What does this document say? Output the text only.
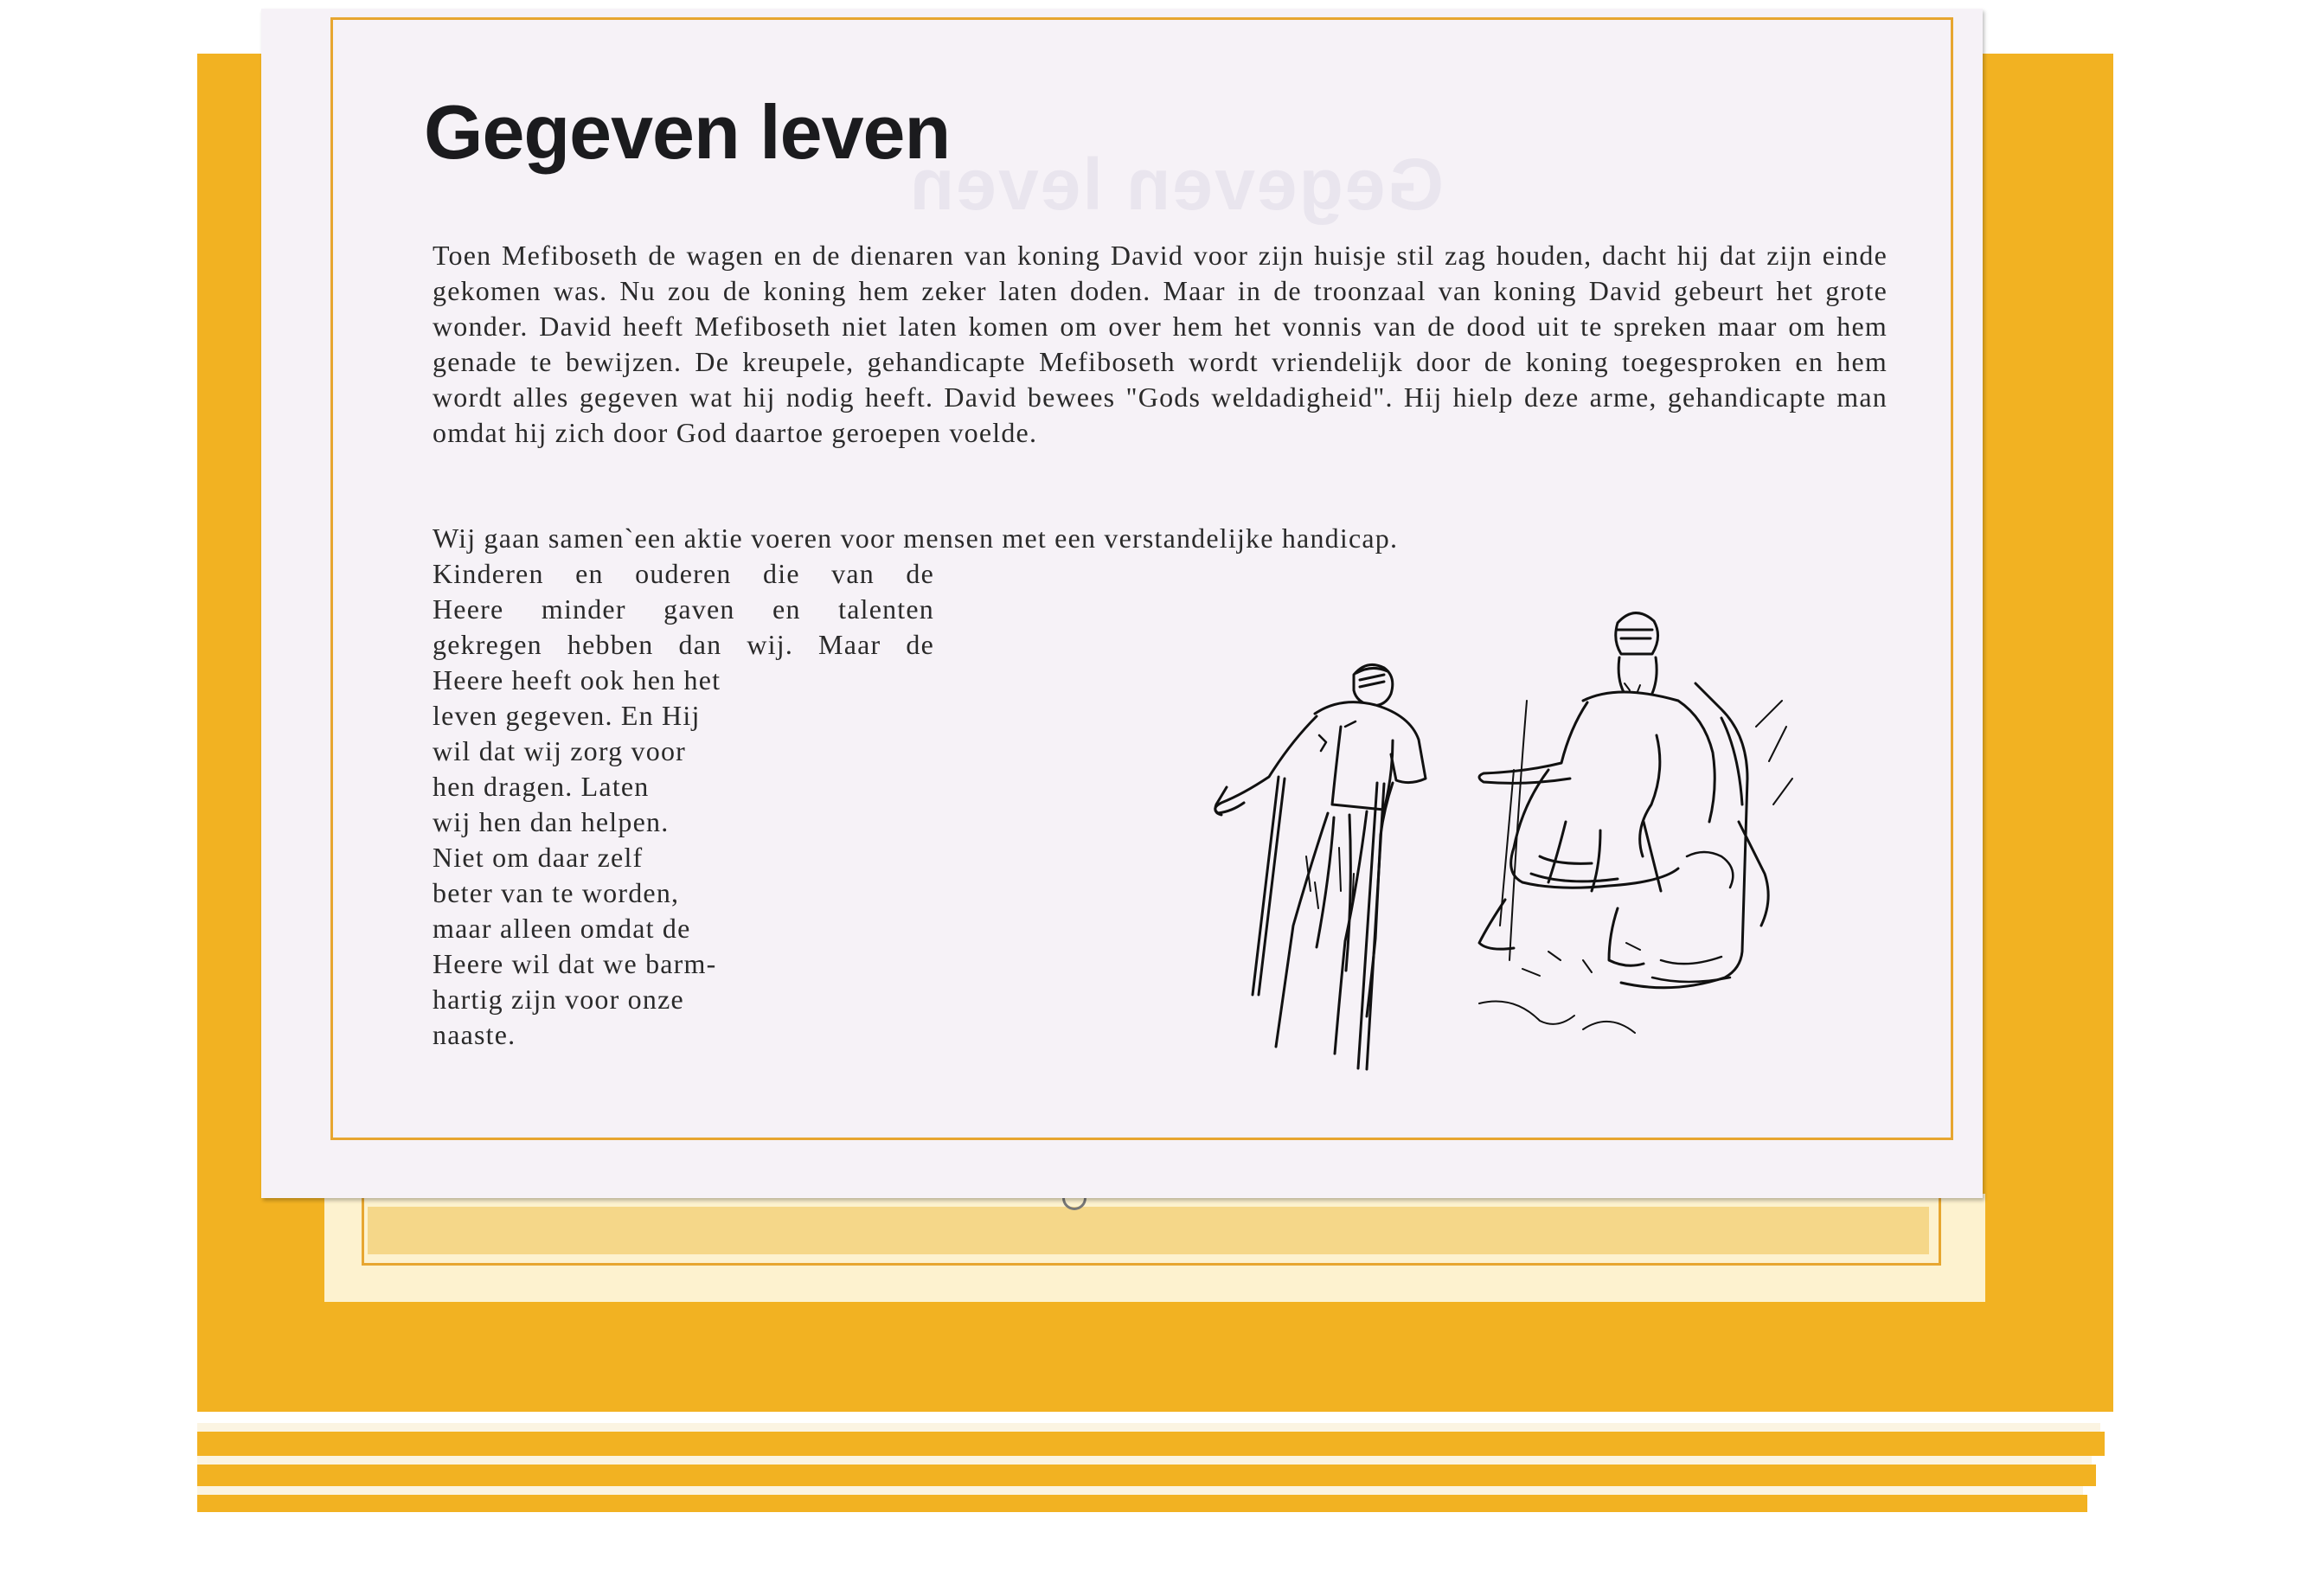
Gegeven leven
Gegeven leven

Toen Mefiboseth de wagen en de dienaren van koning David voor zijn huisje stil zag houden, dacht hij dat zijn einde gekomen was. Nu zou de koning hem zeker laten doden. Maar in de troonzaal van koning David gebeurt het grote wonder. David heeft Mefiboseth niet laten komen om over hem het vonnis van de dood uit te spreken maar om hem genade te bewijzen. De kreupele, gehandicapte Mefiboseth wordt vriendelijk door de koning toegesproken en hem wordt alles gegeven wat hij nodig heeft. David bewees "Gods weldadigheid". Hij hielp deze arme, gehandicapte man omdat hij zich door God daartoe geroepen voelde.

Wij gaan samen`een aktie voeren voor mensen met een verstandelijke handicap.

Kinderen en ouderen die van de
Heere minder gaven en talenten
gekregen hebben dan wij. Maar de
Heere heeft ook hen het
leven gegeven. En Hij
wil dat wij zorg voor
hen dragen. Laten
wij hen dan helpen.
Niet om daar zelf
beter van te worden,
maar alleen omdat de
Heere wil dat we barm-
hartig zijn voor onze
naaste.
